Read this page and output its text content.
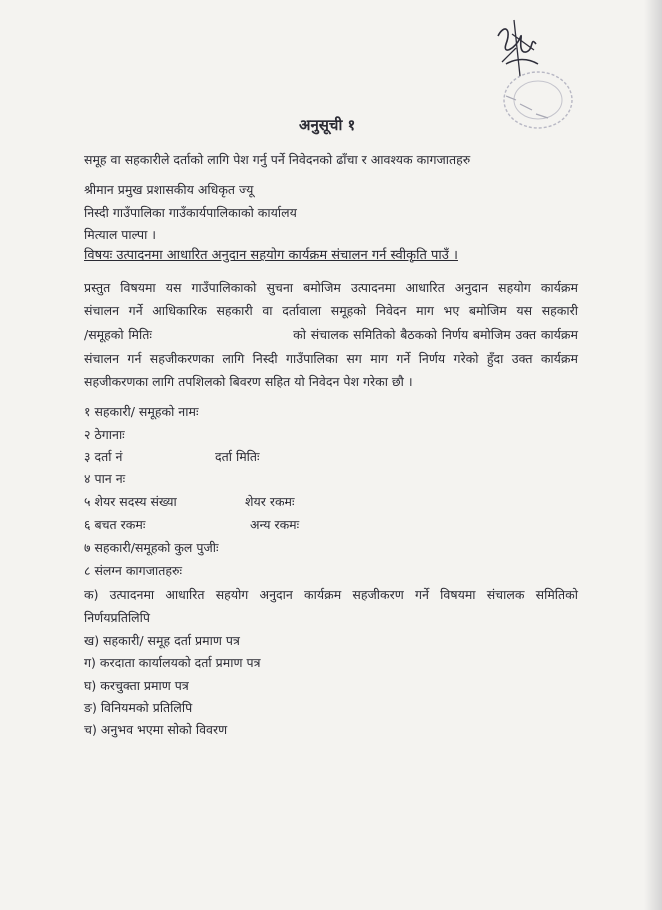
अनुसूची १
समूह वा सहकारीले दर्ताको लागि पेश गर्नु पर्ने निवेदनको ढाँचा र आवश्यक कागजातहरु
श्रीमान प्रमुख प्रशासकीय अधिकृत ज्यू
निस्दी गाउँपालिका गाउँकार्यपालिकाको कार्यालय
मित्याल पाल्पा ।
विषयः उत्पादनमा आधारित अनुदान सहयोग कार्यक्रम संचालन गर्न स्वीकृति पाउँ ।
प्रस्तुत विषयमा यस गाउँपालिकाको सुचना बमोजिम उत्पादनमा आधारित अनुदान सहयोग कार्यक्रम
संचालन गर्ने आधिकारिक सहकारी वा दर्तावाला समूहको निवेदन माग भए बमोजिम यस सहकारी
/समूहको मितिः                              को संचालक समितिको बैठकको निर्णय बमोजिम उक्त कार्यक्रम
संचालन गर्न सहजीकरणका लागि निस्दी गाउँपालिका सग माग गर्ने निर्णय गरेको हुँदा उक्त कार्यक्रम
सहजीकरणका लागि तपशिलको बिवरण सहित यो निवेदन पेश गरेका छौ ।
१ सहकारी/ समूहको नामः
२ ठेगानाः
३ दर्ता नं	दर्ता मितिः
४ पान नः
५ शेयर सदस्य संख्या	शेयर रकमः
६ बचत रकमः	अन्य रकमः
७ सहकारी/समूहको कुल पुजीः
८ संलग्न कागजातहरुः
क) उत्पादनमा आधारित सहयोग अनुदान कार्यक्रम सहजीकरण गर्ने विषयमा संचालक समितिको
निर्णयप्रतिलिपि
ख) सहकारी/ समूह दर्ता प्रमाण पत्र
ग) करदाता कार्यालयको दर्ता प्रमाण पत्र
घ) करचुक्ता प्रमाण पत्र
ङ) विनियमको प्रतिलिपि
च) अनुभव भएमा सोको विवरण
